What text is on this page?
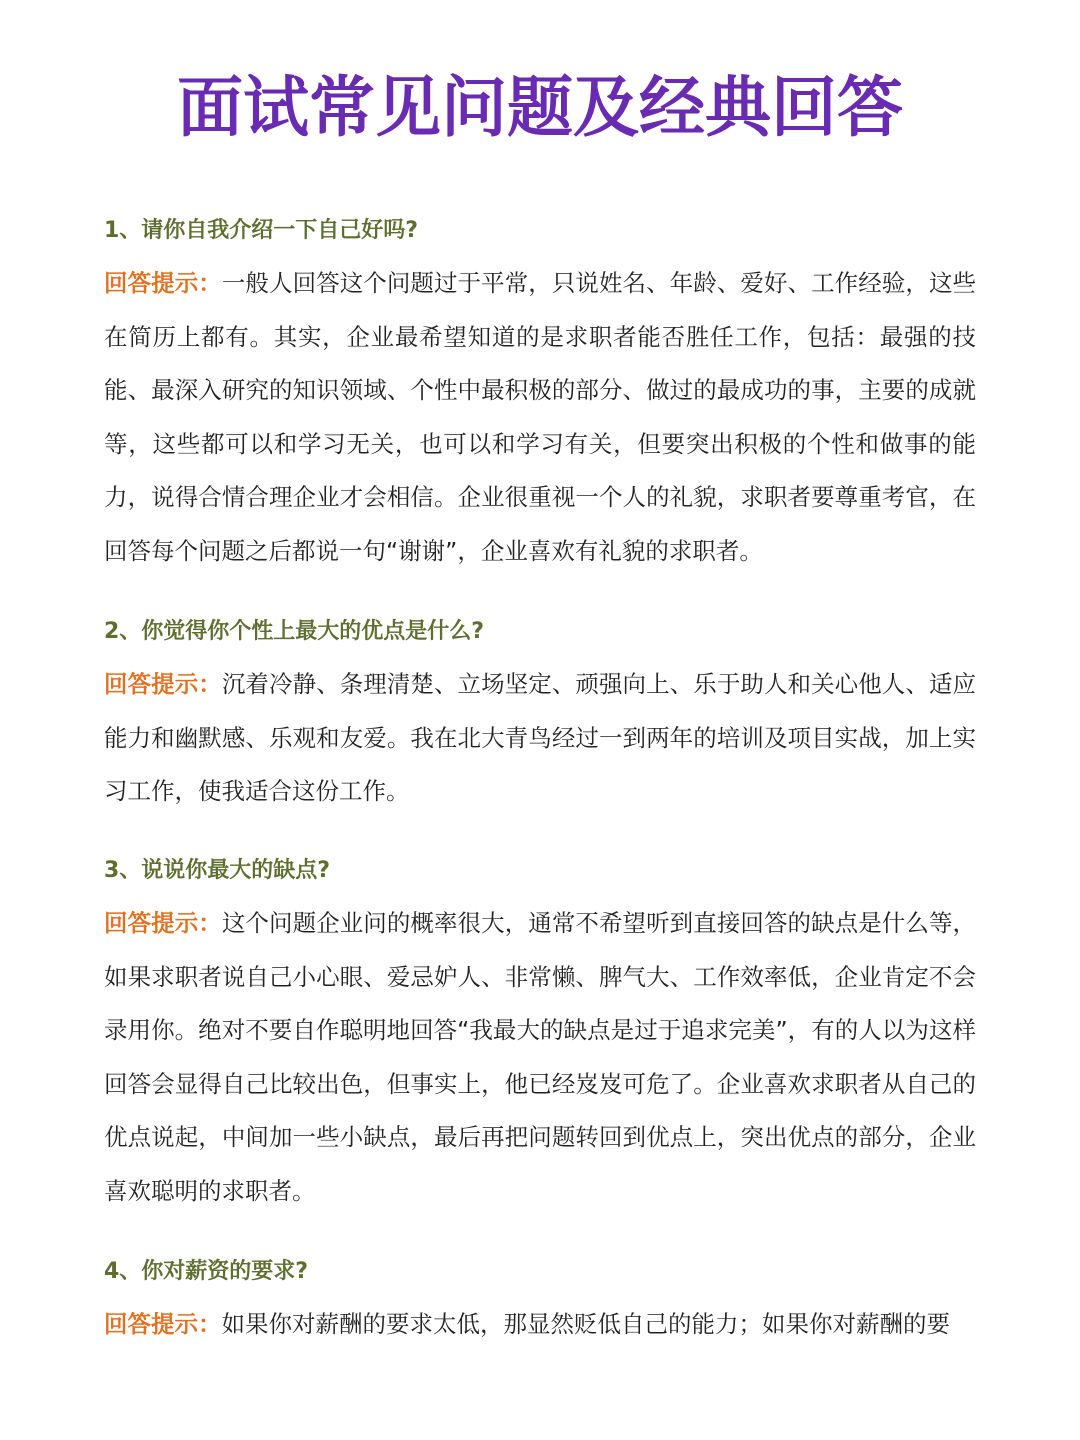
面试常见问题及经典回答
1、请你自我介绍一下自己好吗?
回答提示：一般人回答这个问题过于平常，只说姓名、年龄、爱好、工作经验，这些在简历上都有。其实，企业最希望知道的是求职者能否胜任工作，包括：最强的技能、最深入研究的知识领域、个性中最积极的部分、做过的最成功的事，主要的成就等，这些都可以和学习无关，也可以和学习有关，但要突出积极的个性和做事的能力，说得合情合理企业才会相信。企业很重视一个人的礼貌，求职者要尊重考官，在回答每个问题之后都说一句“谢谢”，企业喜欢有礼貌的求职者。
2、你觉得你个性上最大的优点是什么?
回答提示：沉着冷静、条理清楚、立场坚定、顽强向上、乐于助人和关心他人、适应能力和幽默感、乐观和友爱。我在北大青鸟经过一到两年的培训及项目实战，加上实习工作，使我适合这份工作。
3、说说你最大的缺点?
回答提示：这个问题企业问的概率很大，通常不希望听到直接回答的缺点是什么等，如果求职者说自己小心眼、爱忌妒人、非常懒、脾气大、工作效率低，企业肯定不会录用你。绝对不要自作聪明地回答“我最大的缺点是过于追求完美”，有的人以为这样回答会显得自己比较出色，但事实上，他已经岌岌可危了。企业喜欢求职者从自己的优点说起，中间加一些小缺点，最后再把问题转回到优点上，突出优点的部分，企业喜欢聪明的求职者。
4、你对薪资的要求?
回答提示：如果你对薪酬的要求太低，那显然贬低自己的能力；如果你对薪酬的要
